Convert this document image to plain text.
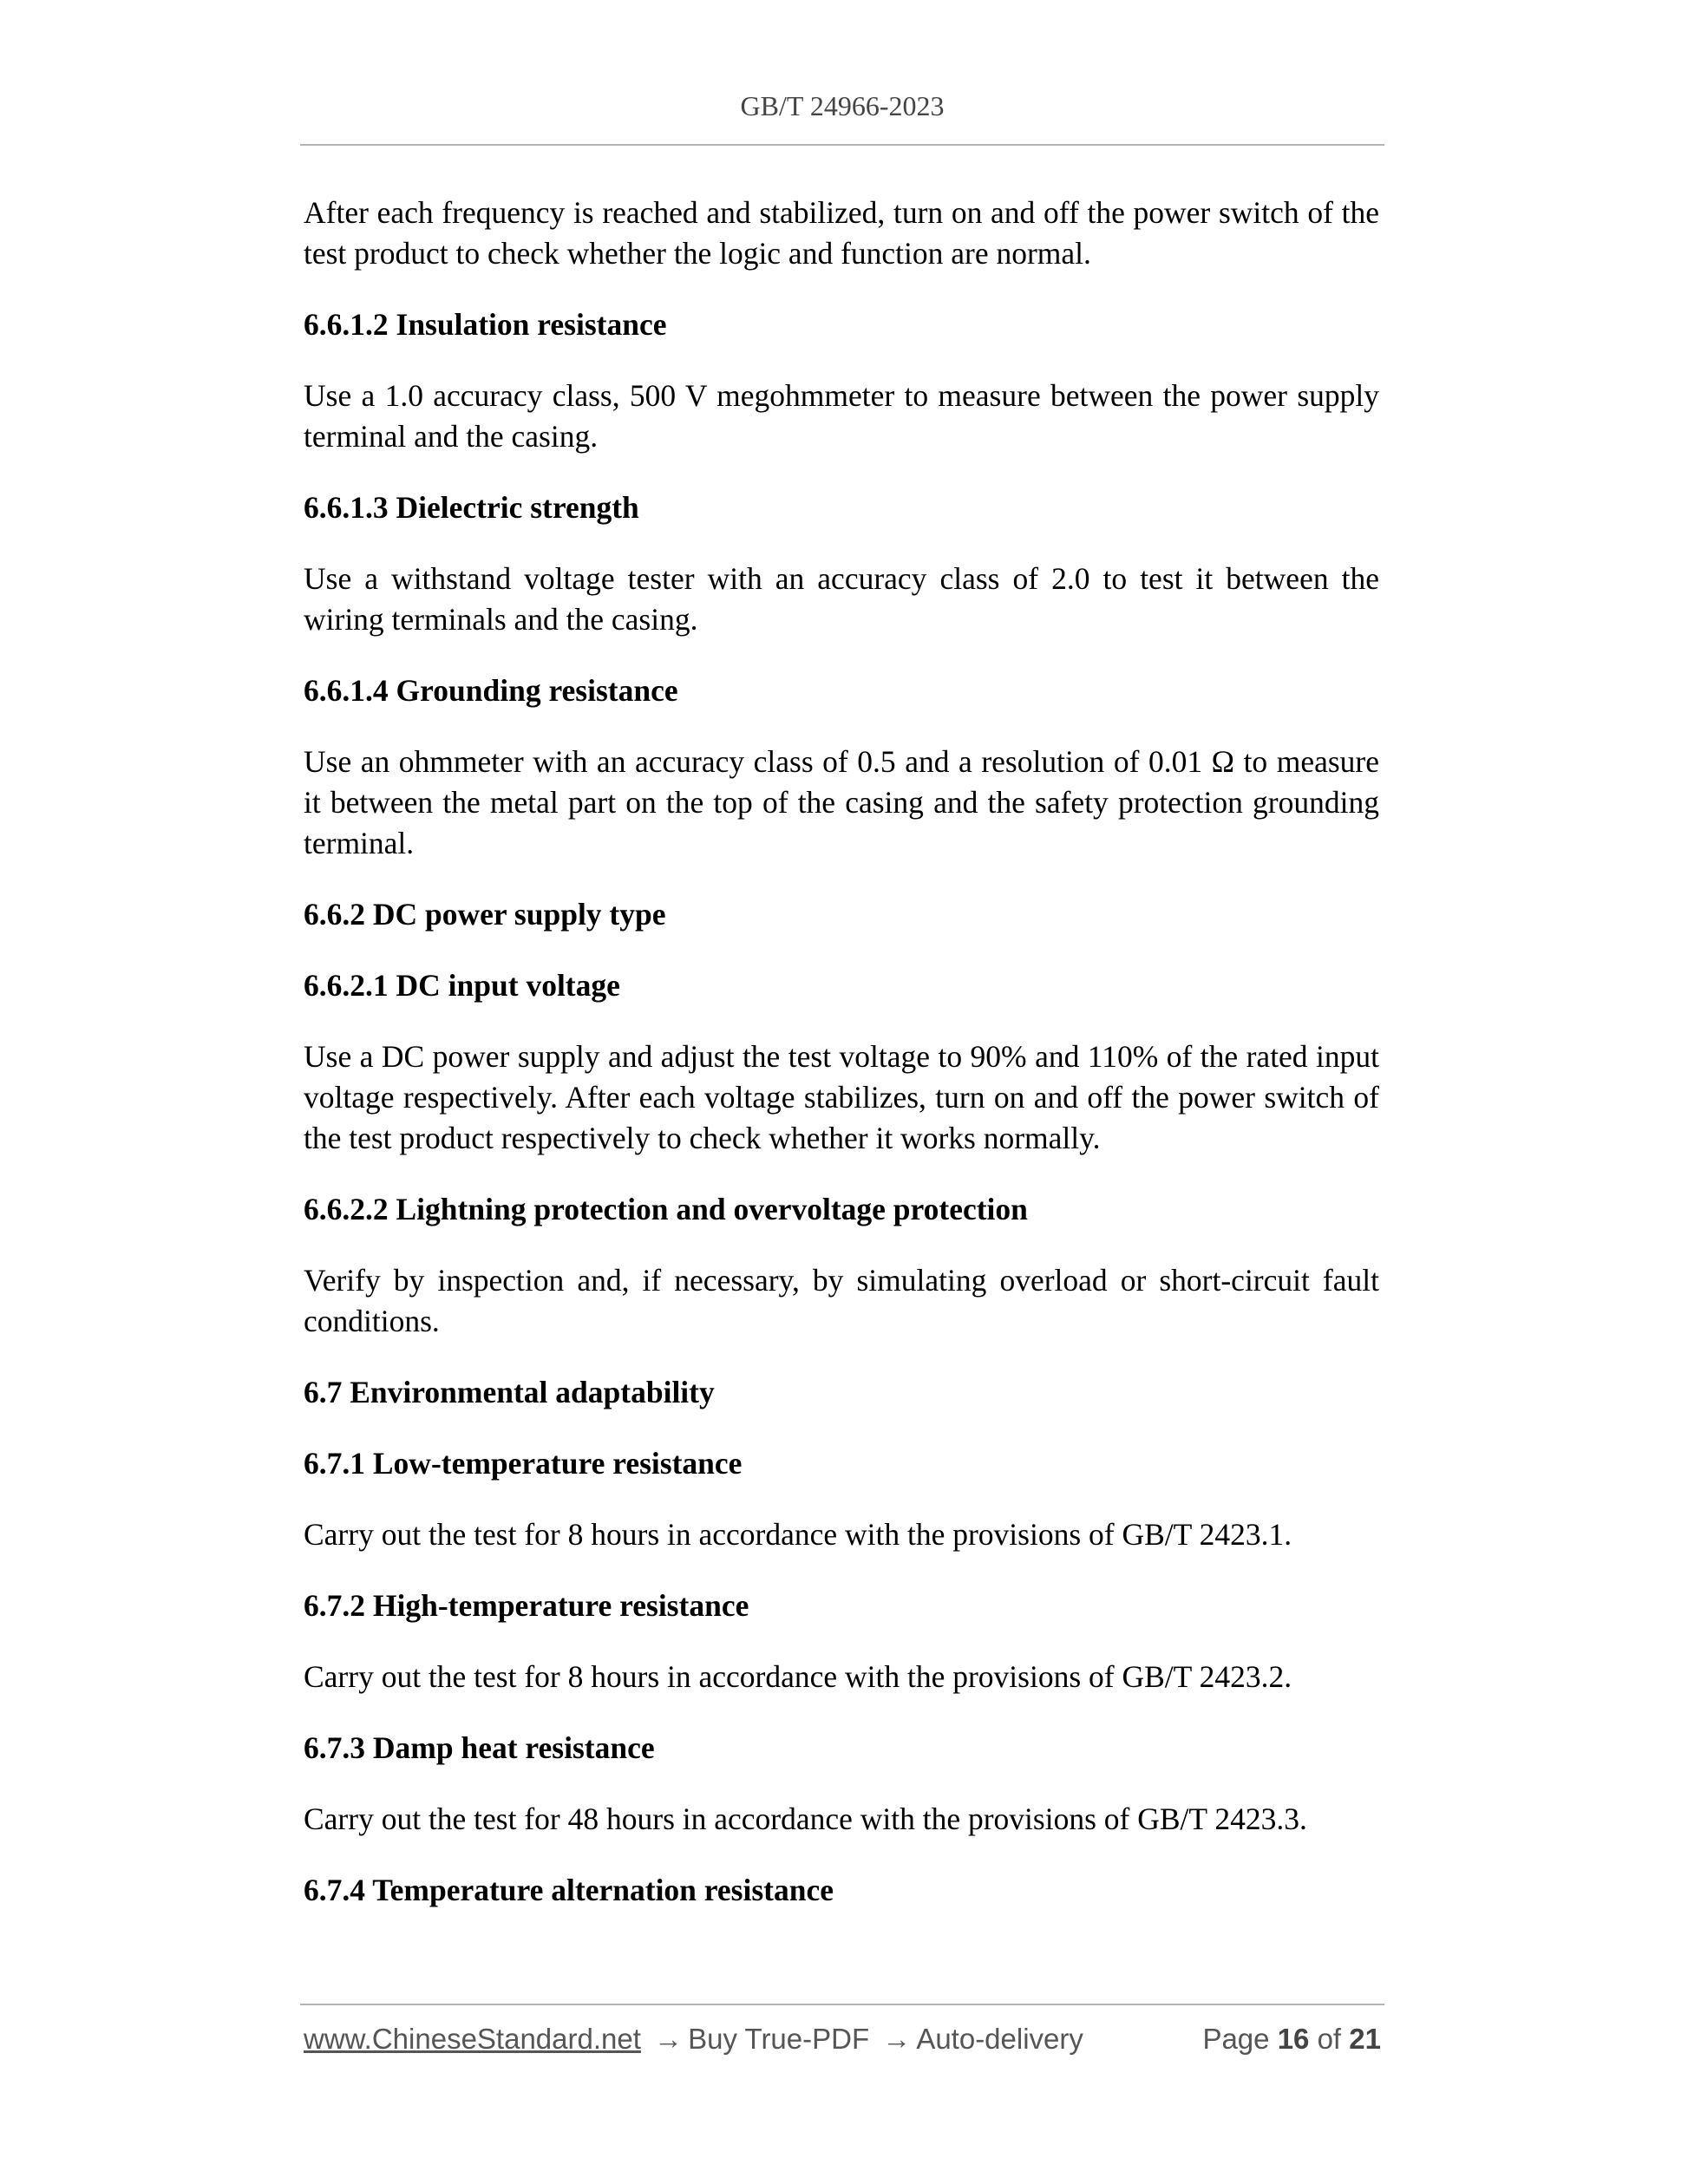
GB/T 24966-2023

After each frequency is reached and stabilized, turn on and off the power switch of the test product to check whether the logic and function are normal.

6.6.1.2 Insulation resistance

Use a 1.0 accuracy class, 500 V megohmmeter to measure between the power supply terminal and the casing.

6.6.1.3 Dielectric strength

Use a withstand voltage tester with an accuracy class of 2.0 to test it between the wiring terminals and the casing.

6.6.1.4 Grounding resistance

Use an ohmmeter with an accuracy class of 0.5 and a resolution of 0.01 Ω to measure it between the metal part on the top of the casing and the safety protection grounding terminal.

6.6.2 DC power supply type

6.6.2.1 DC input voltage

Use a DC power supply and adjust the test voltage to 90% and 110% of the rated input voltage respectively. After each voltage stabilizes, turn on and off the power switch of the test product respectively to check whether it works normally.

6.6.2.2 Lightning protection and overvoltage protection

Verify by inspection and, if necessary, by simulating overload or short-circuit fault conditions.

6.7 Environmental adaptability

6.7.1 Low-temperature resistance

Carry out the test for 8 hours in accordance with the provisions of GB/T 2423.1.

6.7.2 High-temperature resistance

Carry out the test for 8 hours in accordance with the provisions of GB/T 2423.2.

6.7.3 Damp heat resistance

Carry out the test for 48 hours in accordance with the provisions of GB/T 2423.3.

6.7.4 Temperature alternation resistance

www.ChineseStandard.net → Buy True-PDF → Auto-delivery	Page 16 of 21
